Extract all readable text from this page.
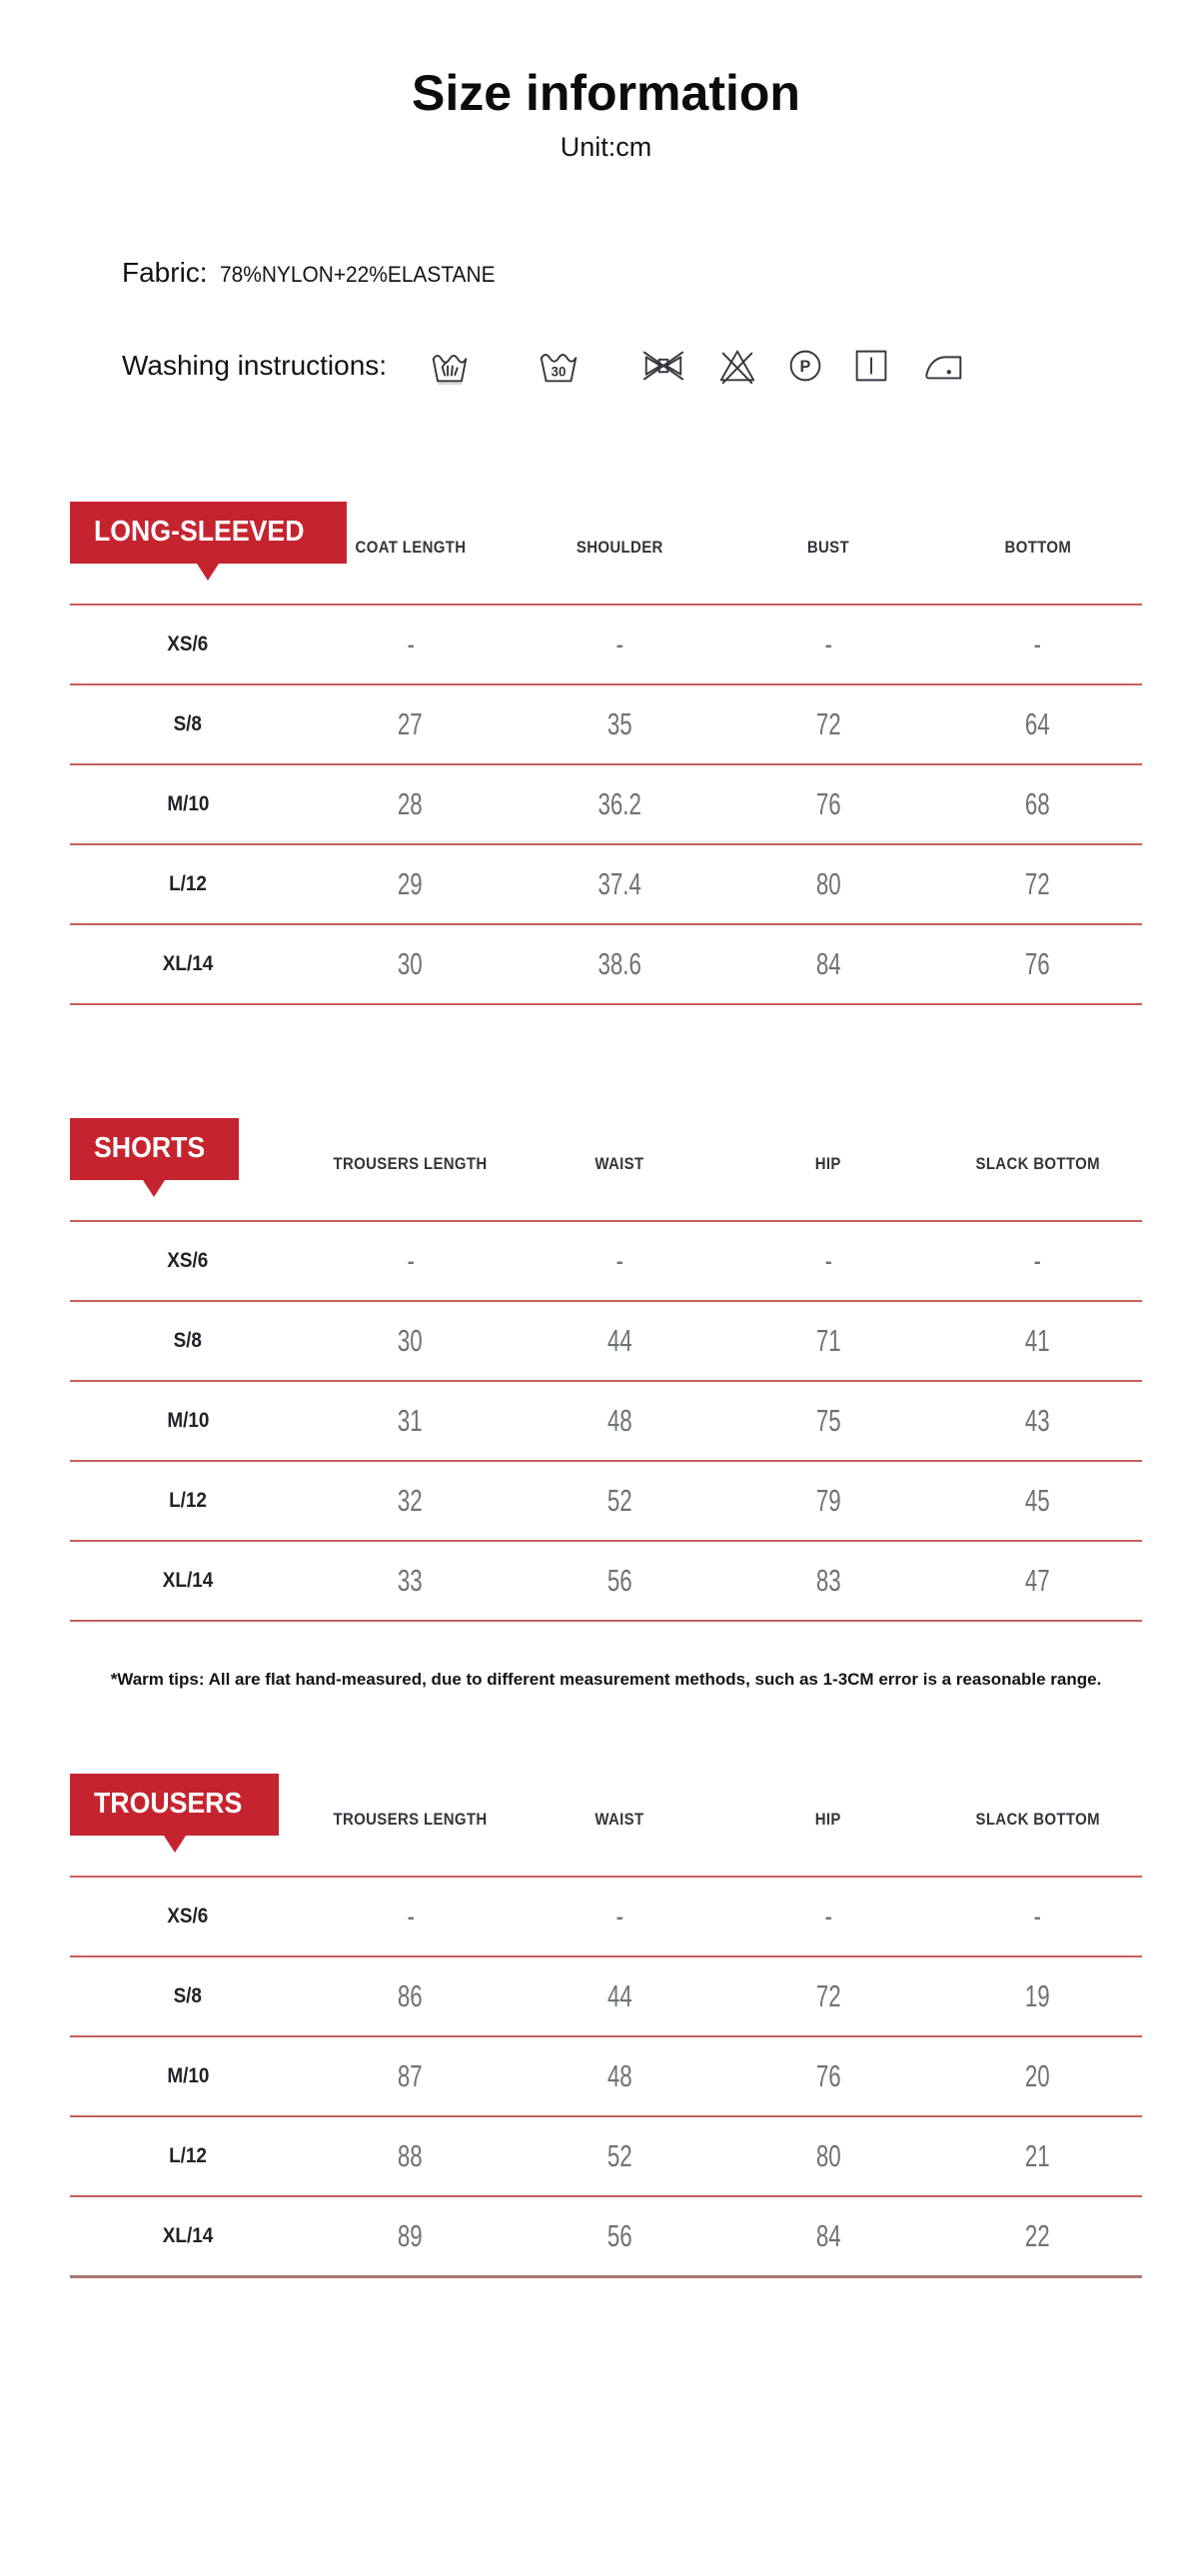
Size information
Unit:cm
Fabric: 78%NYLON+22%ELASTANE
Washing instructions:	30	P
LONG-SLEEVED	COAT LENGTH	SHOULDER	BUST	BOTTOM
XS/6	-	-	-	-
S/8	27	35	72	64
M/10	28	36.2	76	68
L/12	29	37.4	80	72
XL/14	30	38.6	84	76
SHORTS	TROUSERS LENGTH	WAIST	HIP	SLACK BOTTOM
XS/6	-	-	-	-
S/8	30	44	71	41
M/10	31	48	75	43
L/12	32	52	79	45
XL/14	33	56	83	47

*Warm tips: All are flat hand-measured, due to different measurement methods, such as 1-3CM error is a reasonable range.

TROUSERS	TROUSERS LENGTH	WAIST	HIP	SLACK BOTTOM
XS/6	-	-	-	-
S/8	86	44	72	19
M/10	87	48	76	20
L/12	88	52	80	21
XL/14	89	56	84	22
